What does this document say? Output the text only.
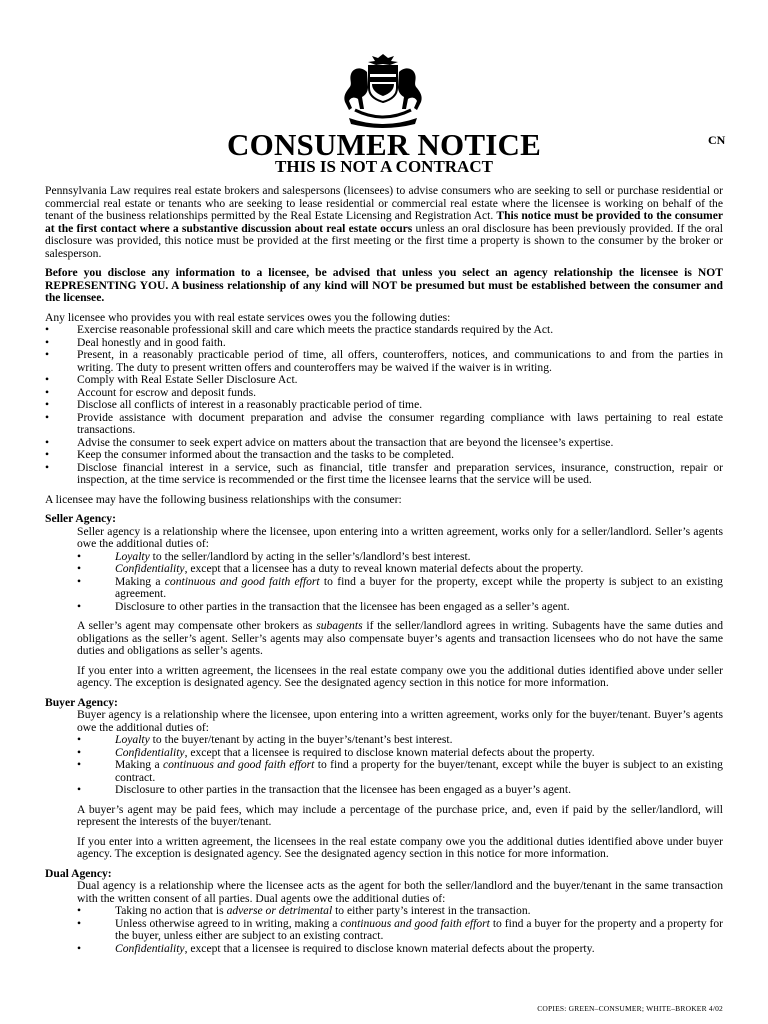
CN
CONSUMER NOTICE
THIS IS NOT A CONTRACT

Pennsylvania Law requires real estate brokers and salespersons (licensees) to advise consumers who are seeking to sell or purchase residential or commercial real estate or tenants who are seeking to lease residential or commercial real estate where the licensee is working on behalf of the tenant of the business relationships permitted by the Real Estate Licensing and Registration Act. This notice must be provided to the consumer at the first contact where a substantive discussion about real estate occurs unless an oral disclosure has been previously provided. If the oral disclosure was provided, this notice must be provided at the first meeting or the first time a property is shown to the consumer by the broker or salesperson.

Before you disclose any information to a licensee, be advised that unless you select an agency relationship the licensee is NOT REPRESENTING YOU. A business relationship of any kind will NOT be presumed but must be established between the consumer and the licensee.

Any licensee who provides you with real estate services owes you the following duties:

•	Exercise reasonable professional skill and care which meets the practice standards required by the Act.
•	Deal honestly and in good faith.
•	Present, in a reasonably practicable period of time, all offers, counteroffers, notices, and communications to and from the parties in writing. The duty to present written offers and counteroffers may be waived if the waiver is in writing.
•	Comply with Real Estate Seller Disclosure Act.
•	Account for escrow and deposit funds.
•	Disclose all conflicts of interest in a reasonably practicable period of time.
•	Provide assistance with document preparation and advise the consumer regarding compliance with laws pertaining to real estate transactions.
•	Advise the consumer to seek expert advice on matters about the transaction that are beyond the licensee’s expertise.
•	Keep the consumer informed about the transaction and the tasks to be completed.
•	Disclose financial interest in a service, such as financial, title transfer and preparation services, insurance, construction, repair or inspection, at the time service is recommended or the first time the licensee learns that the service will be used.

A licensee may have the following business relationships with the consumer:

Seller Agency:

Seller agency is a relationship where the licensee, upon entering into a written agreement, works only for a seller/landlord. Seller’s agents owe the additional duties of:

•	Loyalty to the seller/landlord by acting in the seller’s/landlord’s best interest.
•	Confidentiality, except that a licensee has a duty to reveal known material defects about the property.
•	Making a continuous and good faith effort to find a buyer for the property, except while the property is subject to an existing agreement.
•	Disclosure to other parties in the transaction that the licensee has been engaged as a seller’s agent.

A seller’s agent may compensate other brokers as subagents if the seller/landlord agrees in writing. Subagents have the same duties and obligations as the seller’s agent. Seller’s agents may also compensate buyer’s agents and transaction licensees who do not have the same duties and obligations as seller’s agents.

If you enter into a written agreement, the licensees in the real estate company owe you the additional duties identified above under seller agency. The exception is designated agency. See the designated agency section in this notice for more information.

Buyer Agency:

Buyer agency is a relationship where the licensee, upon entering into a written agreement, works only for the buyer/tenant. Buyer’s agents owe the additional duties of:

•	Loyalty to the buyer/tenant by acting in the buyer’s/tenant’s best interest.
•	Confidentiality, except that a licensee is required to disclose known material defects about the property.
•	Making a continuous and good faith effort to find a property for the buyer/tenant, except while the buyer is subject to an existing contract.
•	Disclosure to other parties in the transaction that the licensee has been engaged as a buyer’s agent.

A buyer’s agent may be paid fees, which may include a percentage of the purchase price, and, even if paid by the seller/landlord, will represent the interests of the buyer/tenant.

If you enter into a written agreement, the licensees in the real estate company owe you the additional duties identified above under buyer agency. The exception is designated agency. See the designated agency section in this notice for more information.

Dual Agency:

Dual agency is a relationship where the licensee acts as the agent for both the seller/landlord and the buyer/tenant in the same transaction with the written consent of all parties. Dual agents owe the additional duties of:

•	Taking no action that is adverse or detrimental to either party’s interest in the transaction.
•	Unless otherwise agreed to in writing, making a continuous and good faith effort to find a buyer for the property and a property for the buyer, unless either are subject to an existing contract.
•	Confidentiality, except that a licensee is required to disclose known material defects about the property.
COPIES: GREEN–CONSUMER; WHITE–BROKER 4/02
